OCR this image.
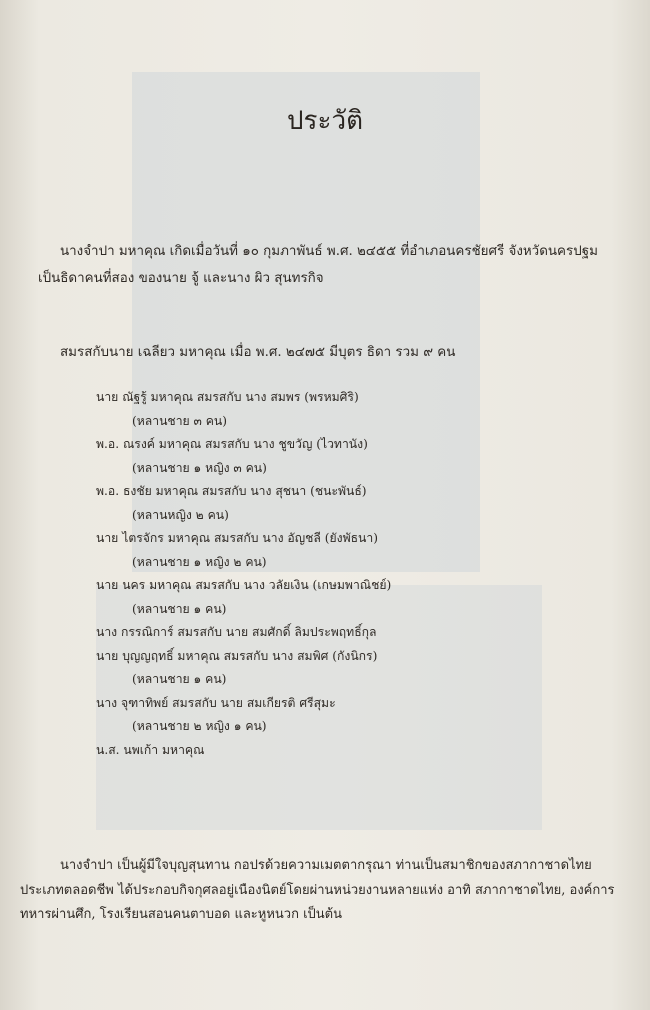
ประวัติ
นางจำปา มหาคุณ เกิดเมื่อวันที่ ๑๐ กุมภาพันธ์ พ.ศ. ๒๔๕๕ ที่อำเภอนครชัยศรี จังหวัดนครปฐม เป็นธิดาคนที่สอง ของนาย จู้ และนาง ผิว สุนทรกิจ
สมรสกับนาย เฉลียว มหาคุณ เมื่อ พ.ศ. ๒๔๗๕ มีบุตร ธิดา รวม ๙ คน
นาย ณัฐรู้ มหาคุณ สมรสกับ นาง สมพร (พรหมศิริ)
(หลานชาย ๓ คน)
พ.อ. ณรงค์ มหาคุณ สมรสกับ นาง ชูขวัญ (ไวทานัง)
(หลานชาย ๑ หญิง ๓ คน)
พ.อ. ธงชัย มหาคุณ สมรสกับ นาง สุชนา (ชนะพันธ์)
(หลานหญิง ๒ คน)
นาย ไตรจักร มหาคุณ สมรสกับ นาง อัญชลี (ยังพัธนา)
(หลานชาย ๑ หญิง ๒ คน)
นาย นคร มหาคุณ สมรสกับ นาง วลัยเงิน (เกษมพาณิชย์)
(หลานชาย ๑ คน)
นาง กรรณิการ์ สมรสกับ นาย สมศักดิ์ ลิมประพฤทธิ์กุล
นาย บุญญฤทธิ์ มหาคุณ สมรสกับ นาง สมพิศ (กังนิกร)
(หลานชาย ๑ คน)
นาง จุฑาทิพย์ สมรสกับ นาย สมเกียรติ ศรีสุมะ
(หลานชาย ๒ หญิง ๑ คน)
น.ส. นพเก้า มหาคุณ
นางจำปา เป็นผู้มีใจบุญสุนทาน กอปรด้วยความเมตตากรุณา ท่านเป็นสมาชิกของสภากาชาดไทย ประเภทตลอดชีพ ได้ประกอบกิจกุศลอยู่เนืองนิตย์โดยผ่านหน่วยงานหลายแห่ง อาทิ สภากาชาดไทย, องค์การทหารผ่านศึก, โรงเรียนสอนคนตาบอด และหูหนวก เป็นต้น
